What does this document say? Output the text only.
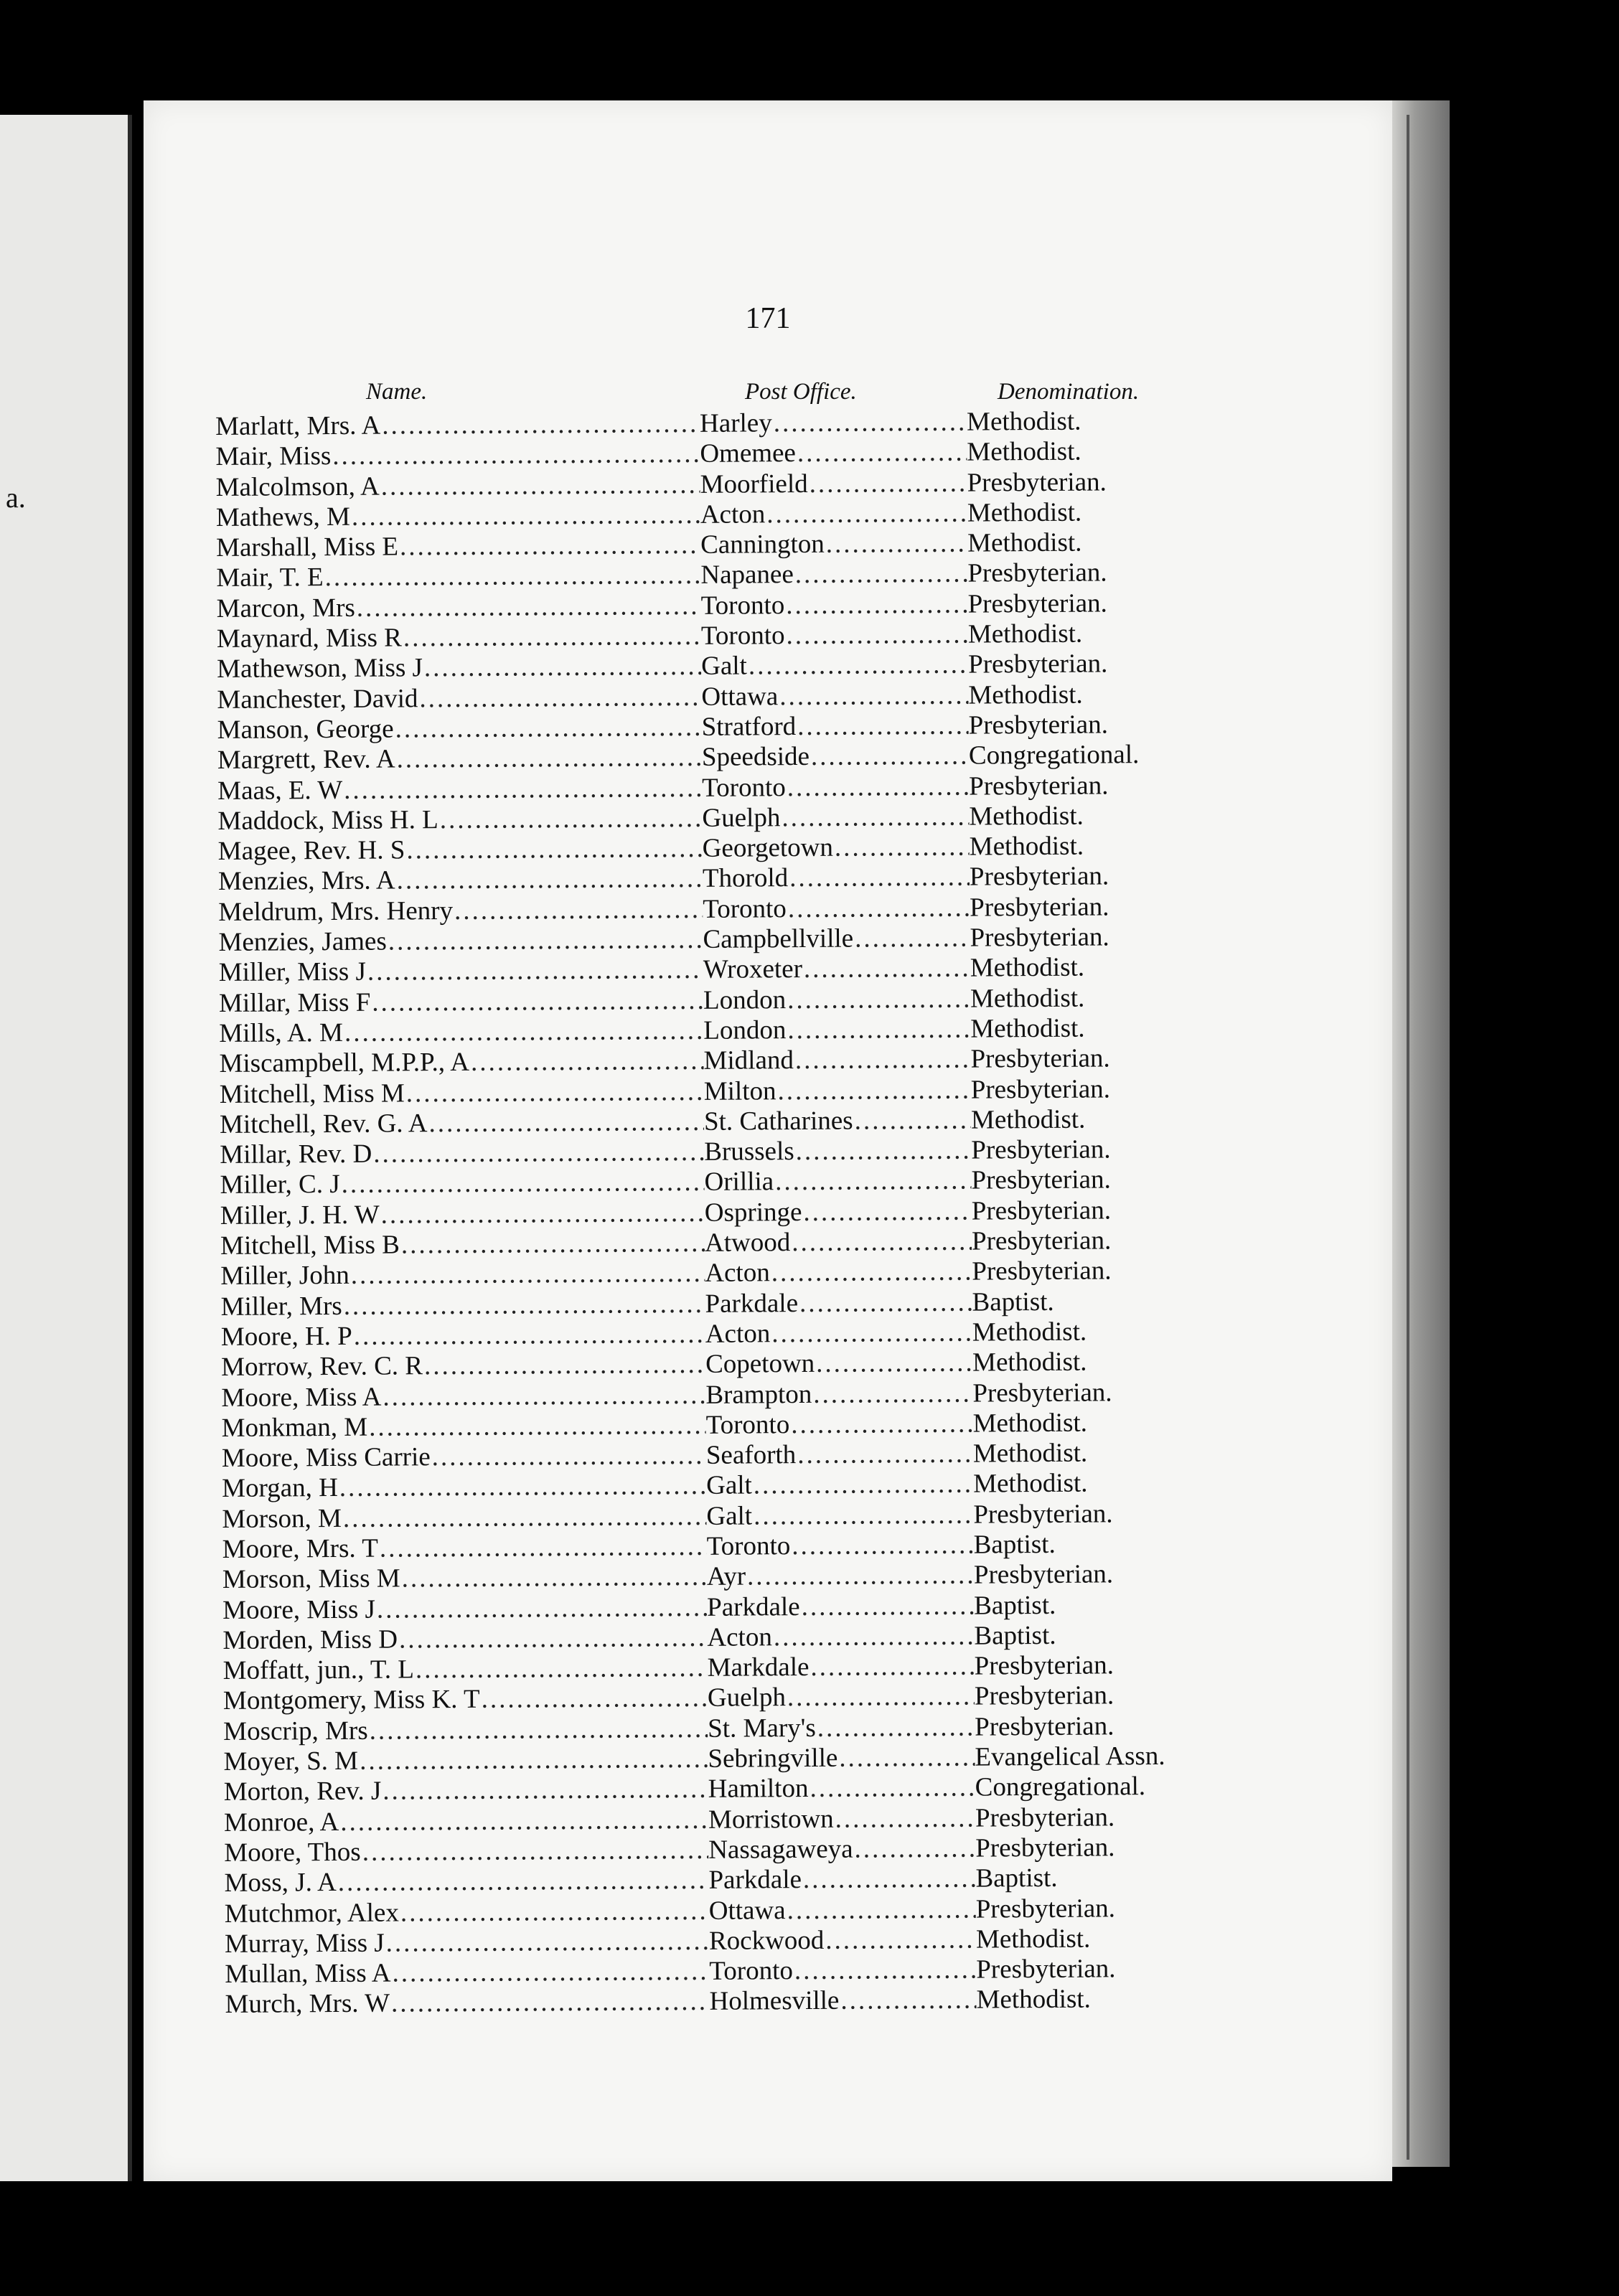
a.
171
Name.	Post Office.	Denomination.
Marlatt, Mrs. A .....	Harley .....	Methodist.
Mair, Miss .....	Omemee .....	Methodist.
Malcolmson, A .....	Moorfield .....	Presbyterian.
Mathews, M .....	Acton .....	Methodist.
Marshall, Miss E .....	Cannington .....	Methodist.
Mair, T. E .....	Napanee .....	Presbyterian.
Marcon, Mrs .....	Toronto .....	Presbyterian.
Maynard, Miss R .....	Toronto .....	Methodist.
Mathewson, Miss J .....	Galt .....	Presbyterian.
Manchester, David .....	Ottawa .....	Methodist.
Manson, George .....	Stratford .....	Presbyterian.
Margrett, Rev. A .....	Speedside .....	Congregational.
Maas, E. W .....	Toronto .....	Presbyterian.
Maddock, Miss H. L .....	Guelph .....	Methodist.
Magee, Rev. H. S .....	Georgetown .....	Methodist.
Menzies, Mrs. A .....	Thorold .....	Presbyterian.
Meldrum, Mrs. Henry .....	Toronto .....	Presbyterian.
Menzies, James .....	Campbellville .....	Presbyterian.
Miller, Miss J .....	Wroxeter .....	Methodist.
Millar, Miss F .....	London .....	Methodist.
Mills, A. M .....	London .....	Methodist.
Miscampbell, M.P.P., A .....	Midland .....	Presbyterian.
Mitchell, Miss M .....	Milton .....	Presbyterian.
Mitchell, Rev. G. A .....	St. Catharines .....	Methodist.
Millar, Rev. D .....	Brussels .....	Presbyterian.
Miller, C. J .....	Orillia .....	Presbyterian.
Miller, J. H. W .....	Ospringe .....	Presbyterian.
Mitchell, Miss B .....	Atwood .....	Presbyterian.
Miller, John .....	Acton .....	Presbyterian.
Miller, Mrs .....	Parkdale .....	Baptist.
Moore, H. P .....	Acton .....	Methodist.
Morrow, Rev. C. R .....	Copetown .....	Methodist.
Moore, Miss A .....	Brampton .....	Presbyterian.
Monkman, M .....	Toronto .....	Methodist.
Moore, Miss Carrie .....	Seaforth .....	Methodist.
Morgan, H .....	Galt .....	Methodist.
Morson, M .....	Galt .....	Presbyterian.
Moore, Mrs. T .....	Toronto .....	Baptist.
Morson, Miss M .....	Ayr .....	Presbyterian.
Moore, Miss J .....	Parkdale .....	Baptist.
Morden, Miss D .....	Acton .....	Baptist.
Moffatt, jun., T. L .....	Markdale .....	Presbyterian.
Montgomery, Miss K. T .....	Guelph .....	Presbyterian.
Moscrip, Mrs .....	St. Mary's .....	Presbyterian.
Moyer, S. M .....	Sebringville .....	Evangelical Assn.
Morton, Rev. J .....	Hamilton .....	Congregational.
Monroe, A .....	Morristown .....	Presbyterian.
Moore, Thos .....	Nassagaweya .....	Presbyterian.
Moss, J. A .....	Parkdale .....	Baptist.
Mutchmor, Alex .....	Ottawa .....	Presbyterian.
Murray, Miss J .....	Rockwood .....	Methodist.
Mullan, Miss A .....	Toronto .....	Presbyterian.
Murch, Mrs. W .....	Holmesville .....	Methodist.
